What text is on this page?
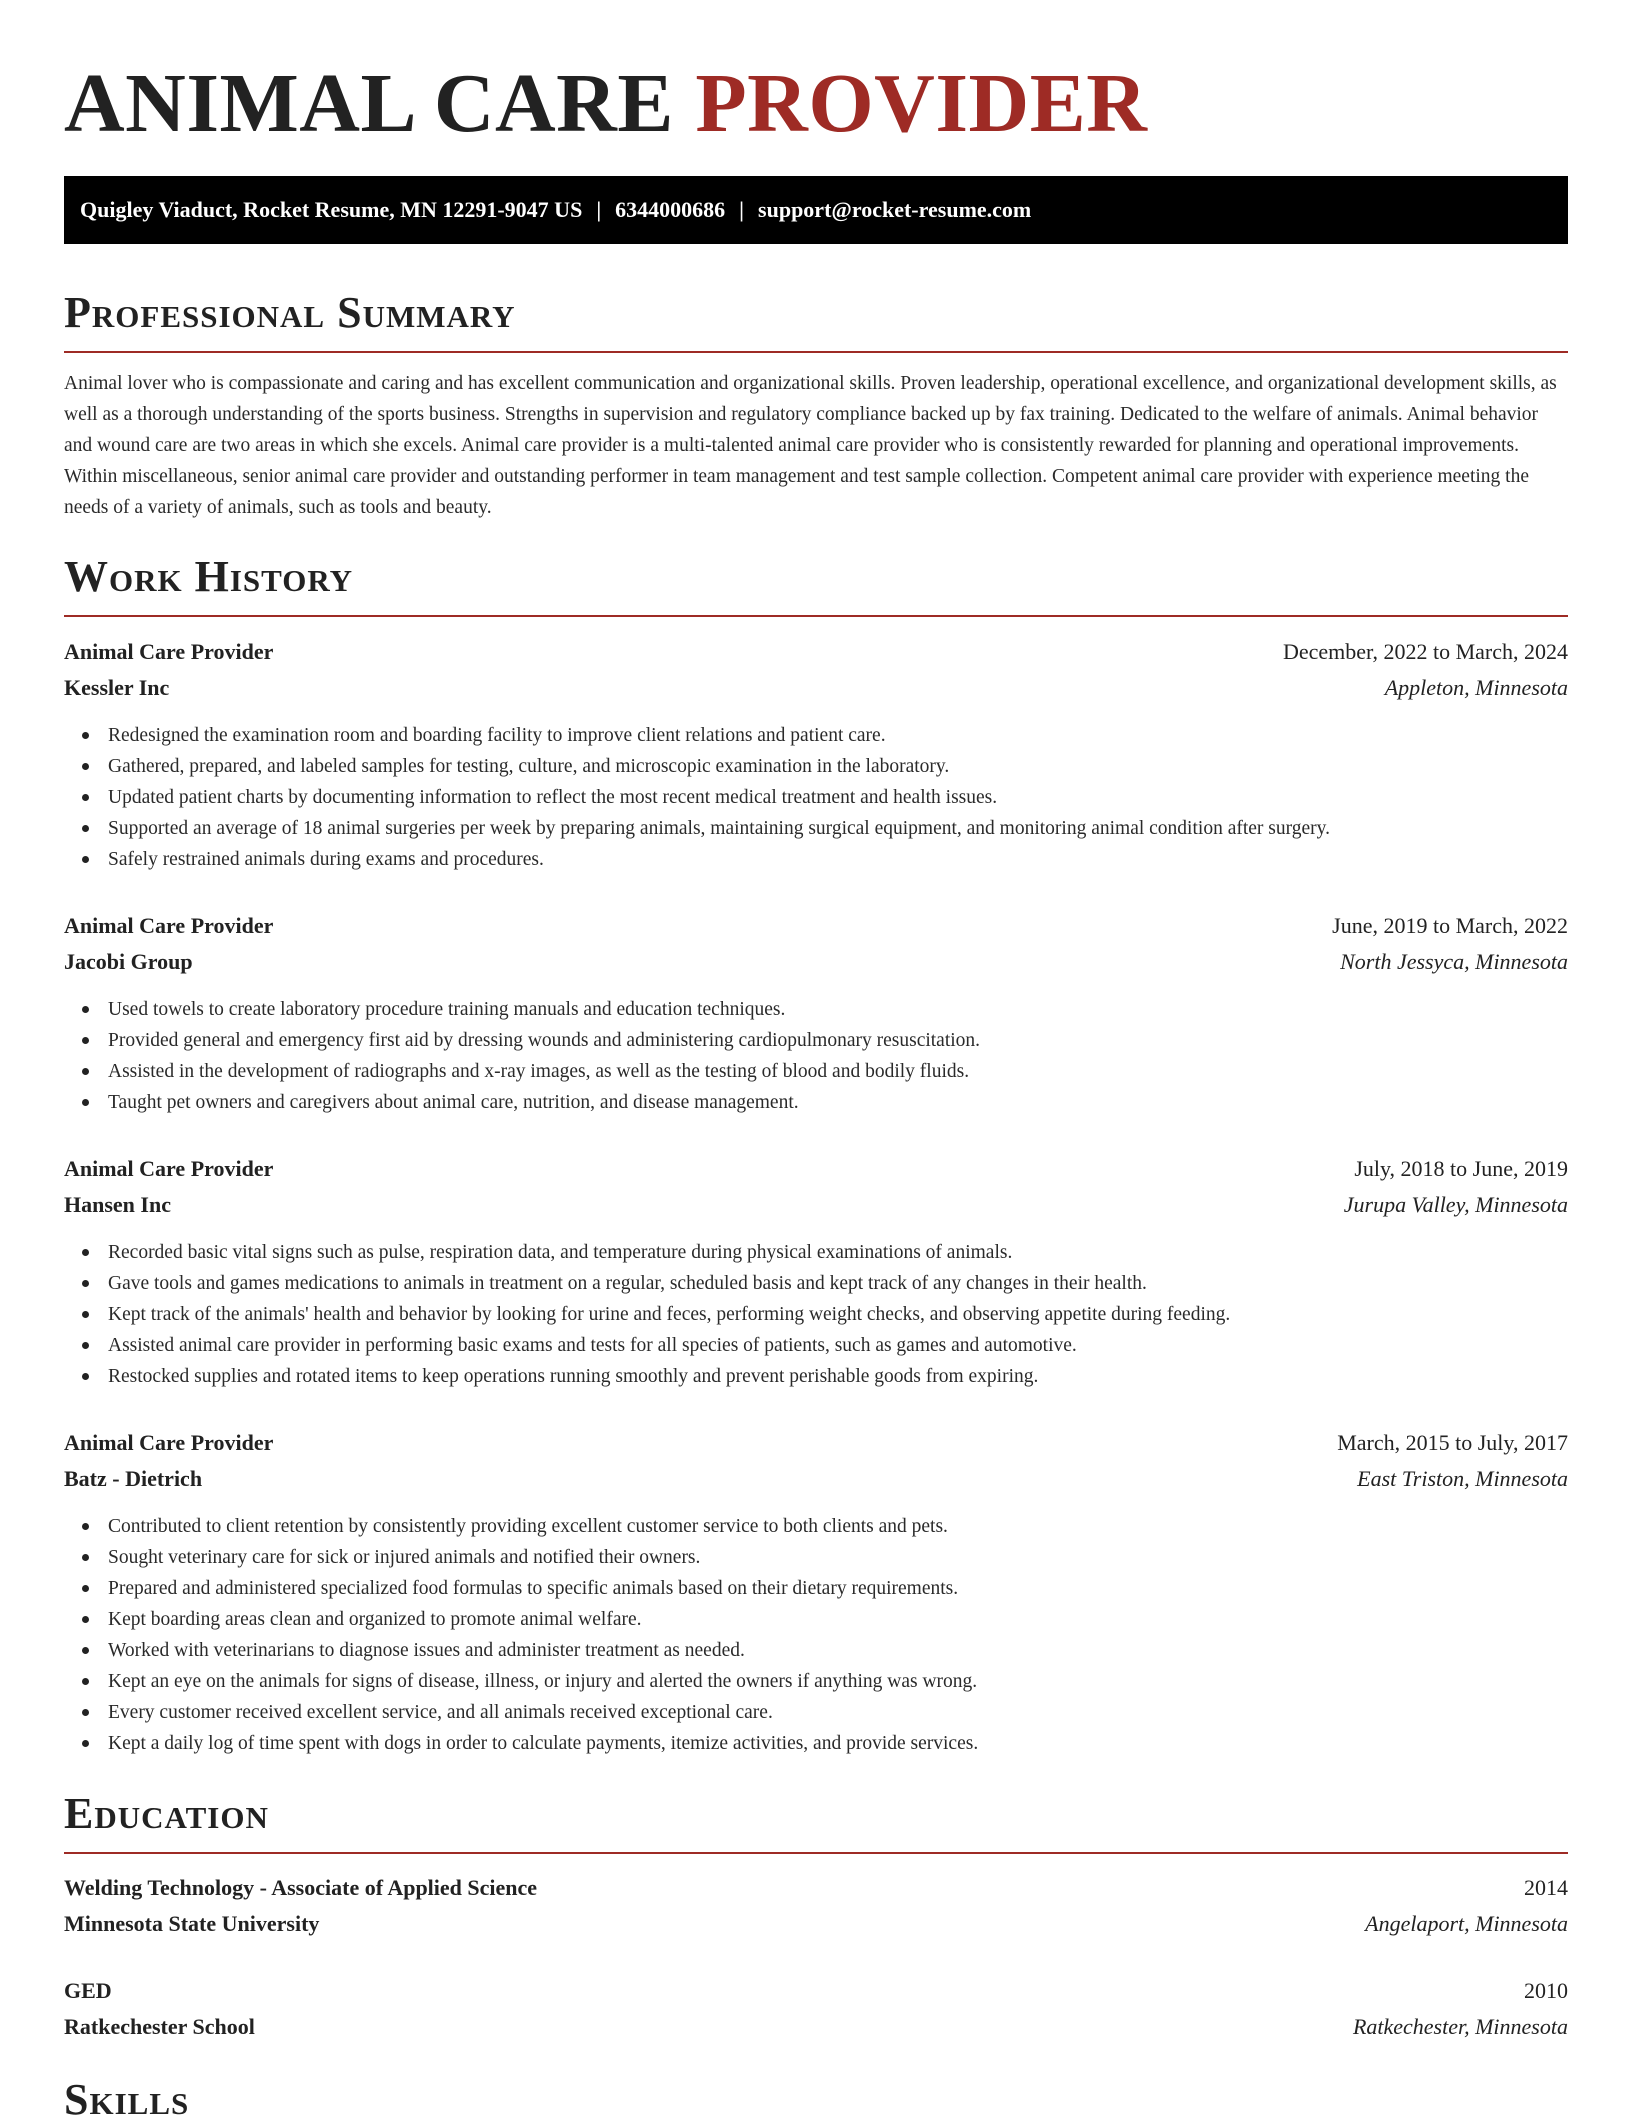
ANIMAL CARE PROVIDER
Quigley Viaduct, Rocket Resume, MN 12291-9047 US | 6344000686 | support@rocket-resume.com
Professional Summary

Animal lover who is compassionate and caring and has excellent communication and organizational skills. Proven leadership, operational excellence, and organizational development skills, as well as a thorough understanding of the sports business. Strengths in supervision and regulatory compliance backed up by fax training. Dedicated to the welfare of animals. Animal behavior and wound care are two areas in which she excels. Animal care provider is a multi-talented animal care provider who is consistently rewarded for planning and operational improvements. Within miscellaneous, senior animal care provider and outstanding performer in team management and test sample collection. Competent animal care provider with experience meeting the needs of a variety of animals, such as tools and beauty.

Work History
Animal Care Provider	December, 2022 to March, 2024
Kessler Inc	Appleton, Minnesota
Redesigned the examination room and boarding facility to improve client relations and patient care.
Gathered, prepared, and labeled samples for testing, culture, and microscopic examination in the laboratory.
Updated patient charts by documenting information to reflect the most recent medical treatment and health issues.
Supported an average of 18 animal surgeries per week by preparing animals, maintaining surgical equipment, and monitoring animal condition after surgery.
Safely restrained animals during exams and procedures.
Animal Care Provider	June, 2019 to March, 2022
Jacobi Group	North Jessyca, Minnesota
Used towels to create laboratory procedure training manuals and education techniques.
Provided general and emergency first aid by dressing wounds and administering cardiopulmonary resuscitation.
Assisted in the development of radiographs and x-ray images, as well as the testing of blood and bodily fluids.
Taught pet owners and caregivers about animal care, nutrition, and disease management.
Animal Care Provider	July, 2018 to June, 2019
Hansen Inc	Jurupa Valley, Minnesota
Recorded basic vital signs such as pulse, respiration data, and temperature during physical examinations of animals.
Gave tools and games medications to animals in treatment on a regular, scheduled basis and kept track of any changes in their health.
Kept track of the animals' health and behavior by looking for urine and feces, performing weight checks, and observing appetite during feeding.
Assisted animal care provider in performing basic exams and tests for all species of patients, such as games and automotive.
Restocked supplies and rotated items to keep operations running smoothly and prevent perishable goods from expiring.
Animal Care Provider	March, 2015 to July, 2017
Batz - Dietrich	East Triston, Minnesota
Contributed to client retention by consistently providing excellent customer service to both clients and pets.
Sought veterinary care for sick or injured animals and notified their owners.
Prepared and administered specialized food formulas to specific animals based on their dietary requirements.
Kept boarding areas clean and organized to promote animal welfare.
Worked with veterinarians to diagnose issues and administer treatment as needed.
Kept an eye on the animals for signs of disease, illness, or injury and alerted the owners if anything was wrong.
Every customer received excellent service, and all animals received exceptional care.
Kept a daily log of time spent with dogs in order to calculate payments, itemize activities, and provide services.
Education
Welding Technology - Associate of Applied Science	2014
Minnesota State University	Angelaport, Minnesota
GED	2010
Ratkechester School	Ratkechester, Minnesota
Skills
